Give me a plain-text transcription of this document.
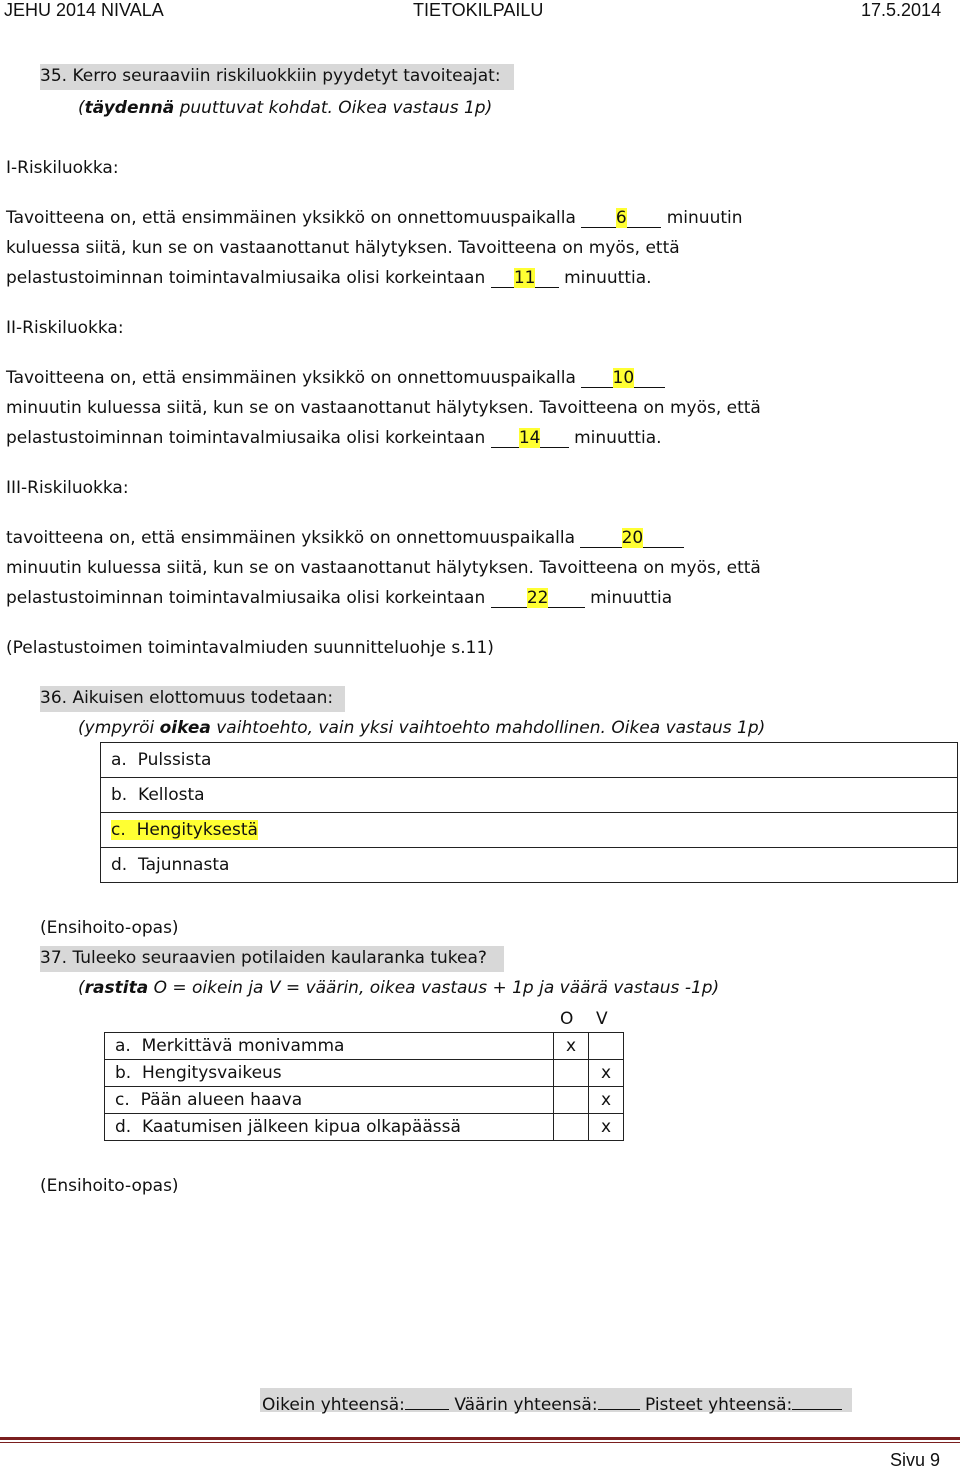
JEHU 2014 NIVALA	TIETOKILPAILU	17.5.2014
35. Kerro seuraaviin riskiluokkiin pyydetyt tavoiteajat:
(täydennä puuttuvat kohdat. Oikea vastaus 1p)
I-Riskiluokka:
Tavoitteena on, että ensimmäinen yksikkö on onnettomuuspaikalla 6 minuutin
kuluessa siitä, kun se on vastaanottanut hälytyksen. Tavoitteena on myös, että
pelastustoiminnan toimintavalmiusaika olisi korkeintaan 11 minuuttia.
II-Riskiluokka:
Tavoitteena on, että ensimmäinen yksikkö on onnettomuuspaikalla 10
minuutin kuluessa siitä, kun se on vastaanottanut hälytyksen. Tavoitteena on myös, että
pelastustoiminnan toimintavalmiusaika olisi korkeintaan 14 minuuttia.
III-Riskiluokka:
tavoitteena on, että ensimmäinen yksikkö on onnettomuuspaikalla	20
minuutin kuluessa siitä, kun se on vastaanottanut hälytyksen. Tavoitteena on myös, että
pelastustoiminnan toimintavalmiusaika olisi korkeintaan 22 minuuttia
(Pelastustoimen toimintavalmiuden suunnitteluohje s.11)
36. Aikuisen elottomuus todetaan:
(ympyröi oikea vaihtoehto, vain yksi vaihtoehto mahdollinen. Oikea vastaus 1p)
a. Pulssista
b. Kellosta
c. Hengityksestä
d. Tajunnasta
(Ensihoito-opas)
37. Tuleeko seuraavien potilaiden kaularanka tukea?
(rastita O = oikein ja V = väärin, oikea vastaus + 1p ja väärä vastaus -1p)
O V
a. Merkittävä monivamma	x	
b. Hengitysvaikeus		x
c. Pään alueen haava		x
d. Kaatumisen jälkeen kipua olkapäässä		x
(Ensihoito-opas)
Oikein yhteensä:	Väärin yhteensä:	Pisteet yhteensä:
Sivu 9
